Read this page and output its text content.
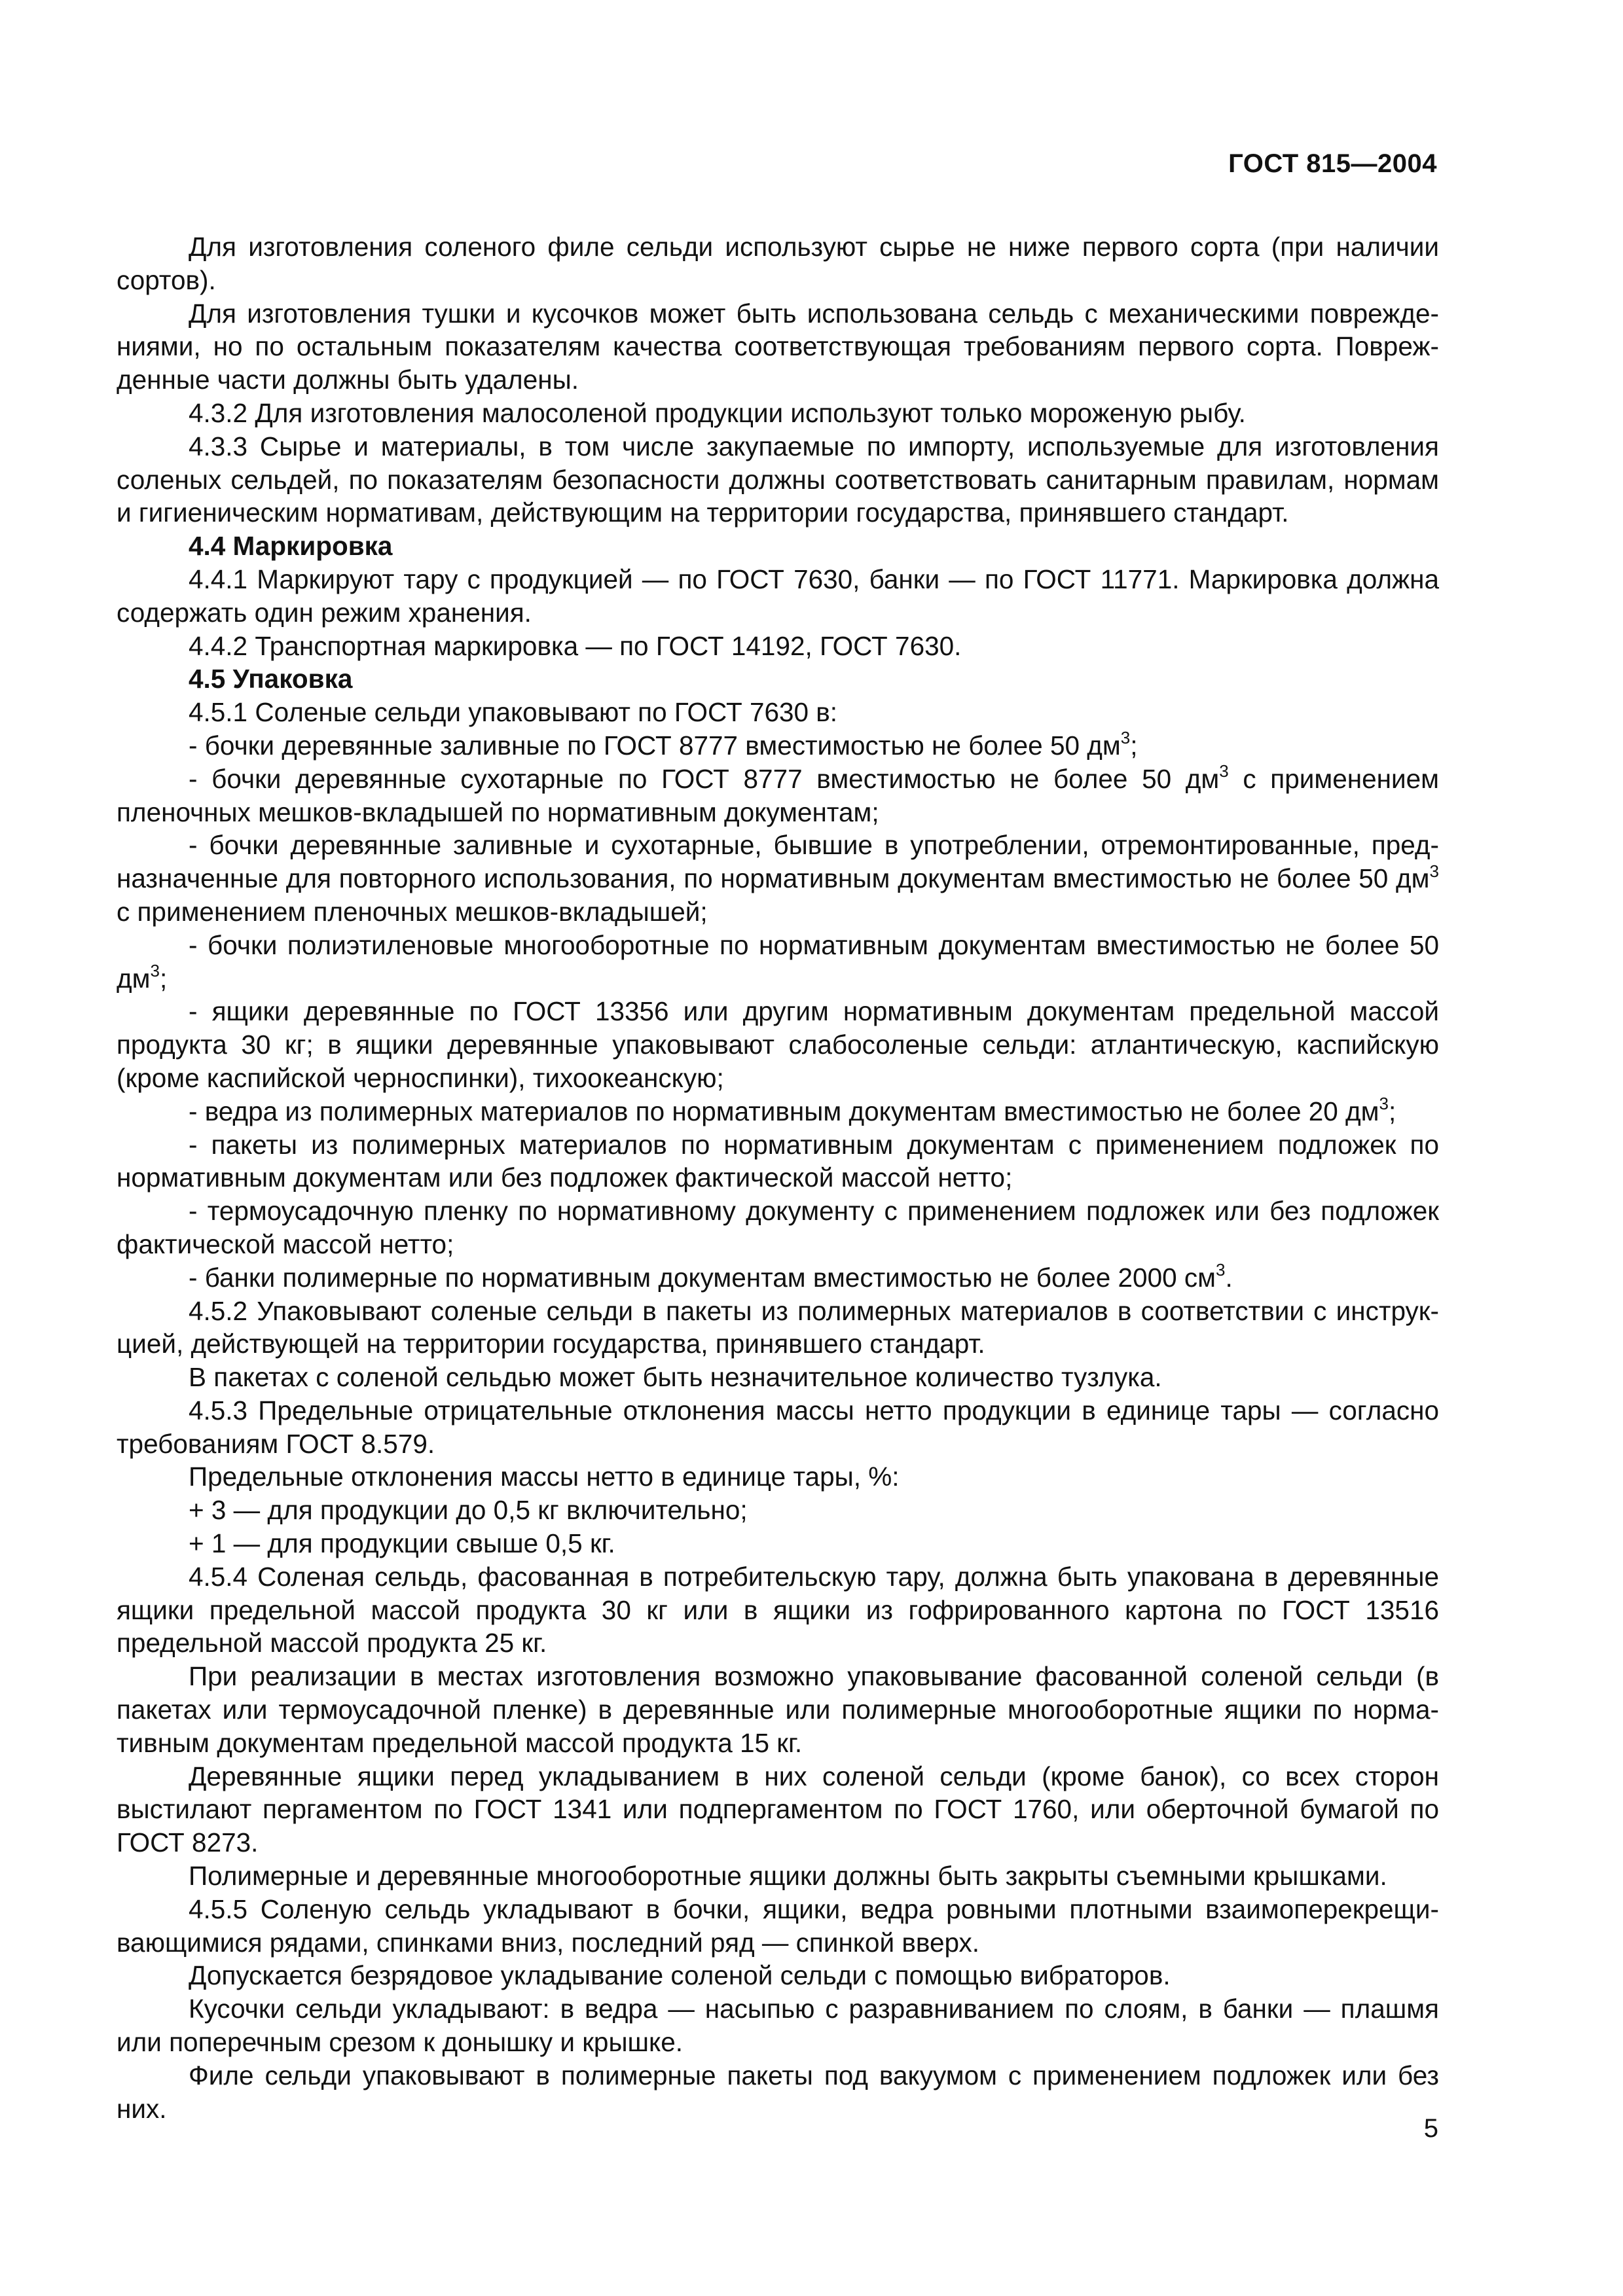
ГОСТ 815—2004

Для изготовления соленого филе сельди используют сырье не ниже первого сорта (при наличии сортов).

Для изготовления тушки и кусочков может быть использована сельдь с механическими повреждениями, но по остальным показателям качества соответствующая требованиям первого сорта. Поврежденные части должны быть удалены.

4.3.2 Для изготовления малосоленой продукции используют только мороженую рыбу.

4.3.3 Сырье и материалы, в том числе закупаемые по импорту, используемые для изготовления соленых сельдей, по показателям безопасности должны соответствовать санитарным правилам, нормам и гигиеническим нормативам, действующим на территории государства, принявшего стандарт.

4.4 Маркировка

4.4.1 Маркируют тару с продукцией — по ГОСТ 7630, банки — по ГОСТ 11771. Маркировка должна содержать один режим хранения.

4.4.2 Транспортная маркировка — по ГОСТ 14192, ГОСТ 7630.

4.5 Упаковка

4.5.1 Соленые сельди упаковывают по ГОСТ 7630 в:

- бочки деревянные заливные по ГОСТ 8777 вместимостью не более 50 $дм^3$;

- бочки деревянные сухотарные по ГОСТ 8777 вместимостью не более 50 $дм^3$ с применением пленочных мешков-вкладышей по нормативным документам;

- бочки деревянные заливные и сухотарные, бывшие в употреблении, отремонтированные, предназначенные для повторного использования, по нормативным документам вместимостью не более 50 $дм^3$ с применением пленочных мешков-вкладышей;

- бочки полиэтиленовые многооборотные по нормативным документам вместимостью не более 50 $дм^3$;

- ящики деревянные по ГОСТ 13356 или другим нормативным документам предельной массой продукта 30 кг; в ящики деревянные упаковывают слабосоленые сельди: атлантическую, каспийскую (кроме каспийской черноспинки), тихоокеанскую;

- ведра из полимерных материалов по нормативным документам вместимостью не более 20 $дм^3$;

- пакеты из полимерных материалов по нормативным документам с применением подложек по нормативным документам или без подложек фактической массой нетто;

- термоусадочную пленку по нормативному документу с применением подложек или без подложек фактической массой нетто;

- банки полимерные по нормативным документам вместимостью не более 2000 $см^3$.

4.5.2 Упаковывают соленые сельди в пакеты из полимерных материалов в соответствии с инструкцией, действующей на территории государства, принявшего стандарт.

В пакетах с соленой сельдью может быть незначительное количество тузлука.

4.5.3 Предельные отрицательные отклонения массы нетто продукции в единице тары — согласно требованиям ГОСТ 8.579.

Предельные отклонения массы нетто в единице тары, %:

+ 3 — для продукции до 0,5 кг включительно;

+ 1 — для продукции свыше 0,5 кг.

4.5.4 Соленая сельдь, фасованная в потребительскую тару, должна быть упакована в деревянные ящики предельной массой продукта 30 кг или в ящики из гофрированного картона по ГОСТ 13516 предельной массой продукта 25 кг.

При реализации в местах изготовления возможно упаковывание фасованной соленой сельди (в пакетах или термоусадочной пленке) в деревянные или полимерные многооборотные ящики по нормативным документам предельной массой продукта 15 кг.

Деревянные ящики перед укладыванием в них соленой сельди (кроме банок), со всех сторон выстилают пергаментом по ГОСТ 1341 или подпергаментом по ГОСТ 1760, или оберточной бумагой по ГОСТ 8273.

Полимерные и деревянные многооборотные ящики должны быть закрыты съемными крышками.

4.5.5 Соленую сельдь укладывают в бочки, ящики, ведра ровными плотными взаимоперекрещивающимися рядами, спинками вниз, последний ряд — спинкой вверх.

Допускается безрядовое укладывание соленой сельди с помощью вибраторов.

Кусочки сельди укладывают: в ведра — насыпью с разравниванием по слоям, в банки — плашмя или поперечным срезом к донышку и крышке.

Филе сельди упаковывают в полимерные пакеты под вакуумом с применением подложек или без них.

5
